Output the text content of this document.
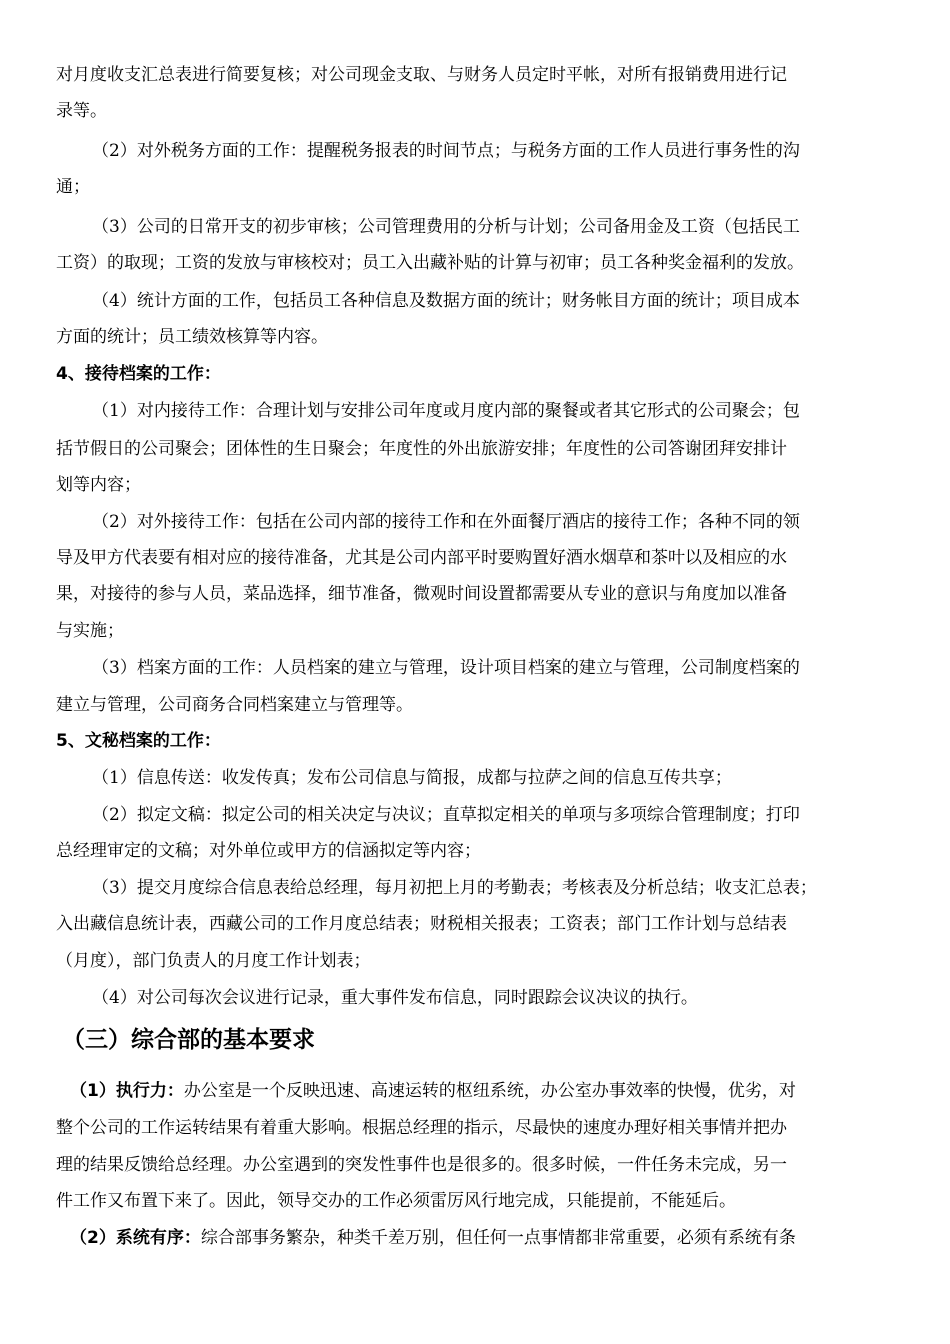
对月度收支汇总表进行简要复核；对公司现金支取、与财务人员定时平帐，对所有报销费用进行记
录等。
（2）对外税务方面的工作：提醒税务报表的时间节点；与税务方面的工作人员进行事务性的沟
通；
（3）公司的日常开支的初步审核；公司管理费用的分析与计划；公司备用金及工资（包括民工
工资）的取现；工资的发放与审核校对；员工入出藏补贴的计算与初审；员工各种奖金福利的发放。
（4）统计方面的工作，包括员工各种信息及数据方面的统计；财务帐目方面的统计；项目成本
方面的统计；员工绩效核算等内容。
4、接待档案的工作：
（1）对内接待工作：合理计划与安排公司年度或月度内部的聚餐或者其它形式的公司聚会；包
括节假日的公司聚会；团体性的生日聚会；年度性的外出旅游安排；年度性的公司答谢团拜安排计
划等内容；
（2）对外接待工作：包括在公司内部的接待工作和在外面餐厅酒店的接待工作；各种不同的领
导及甲方代表要有相对应的接待准备，尤其是公司内部平时要购置好酒水烟草和茶叶以及相应的水
果，对接待的参与人员，菜品选择，细节准备，微观时间设置都需要从专业的意识与角度加以准备
与实施；
（3）档案方面的工作：人员档案的建立与管理，设计项目档案的建立与管理，公司制度档案的
建立与管理，公司商务合同档案建立与管理等。
5、文秘档案的工作：
（1）信息传送：收发传真；发布公司信息与简报，成都与拉萨之间的信息互传共享；
（2）拟定文稿：拟定公司的相关决定与决议；直草拟定相关的单项与多项综合管理制度；打印
总经理审定的文稿；对外单位或甲方的信涵拟定等内容；
（3）提交月度综合信息表给总经理，每月初把上月的考勤表；考核表及分析总结；收支汇总表；
入出藏信息统计表，西藏公司的工作月度总结表；财税相关报表；工资表；部门工作计划与总结表
（月度），部门负责人的月度工作计划表；
（4）对公司每次会议进行记录，重大事件发布信息，同时跟踪会议决议的执行。
（三）综合部的基本要求
（1）执行力：办公室是一个反映迅速、高速运转的枢纽系统，办公室办事效率的快慢，优劣，对
整个公司的工作运转结果有着重大影响。根据总经理的指示，尽最快的速度办理好相关事情并把办
理的结果反馈给总经理。办公室遇到的突发性事件也是很多的。很多时候，一件任务未完成，另一
件工作又布置下来了。因此，领导交办的工作必须雷厉风行地完成，只能提前，不能延后。
（2）系统有序：综合部事务繁杂，种类千差万别，但任何一点事情都非常重要，必须有系统有条
